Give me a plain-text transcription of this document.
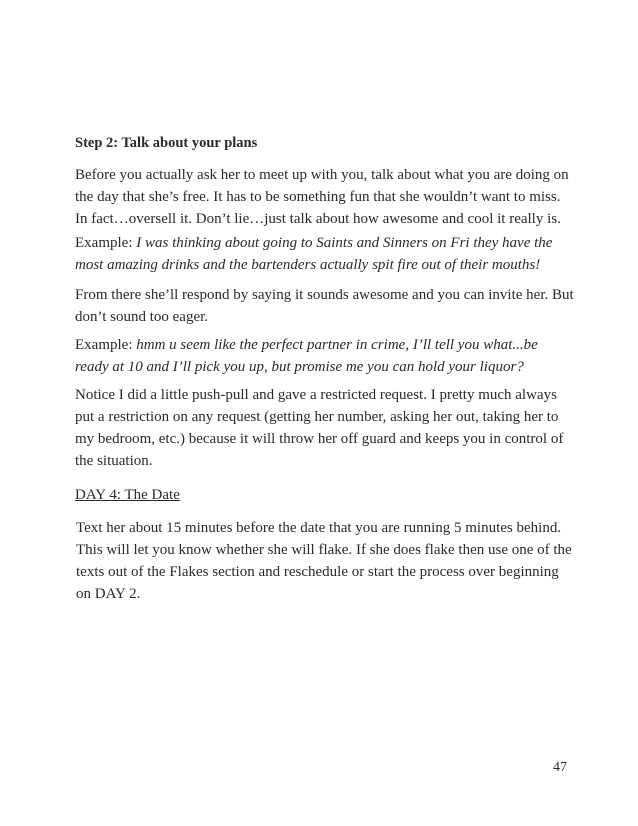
Step 2: Talk about your plans

Before you actually ask her to meet up with you, talk about what you are doing on the day that she’s free. It has to be something fun that she wouldn’t want to miss. In fact…oversell it. Don’t lie…just talk about how awesome and cool it really is.

Example: I was thinking about going to Saints and Sinners on Fri they have the most amazing drinks and the bartenders actually spit fire out of their mouths!

From there she’ll respond by saying it sounds awesome and you can invite her. But don’t sound too eager.

Example: hmm u seem like the perfect partner in crime, I’ll tell you what...be ready at 10 and I’ll pick you up, but promise me you can hold your liquor?

Notice I did a little push-pull and gave a restricted request. I pretty much always put a restriction on any request (getting her number, asking her out, taking her to my bedroom, etc.) because it will throw her off guard and keeps you in control of the situation.

DAY 4: The Date

Text her about 15 minutes before the date that you are running 5 minutes behind. This will let you know whether she will flake. If she does flake then use one of the texts out of the Flakes section and reschedule or start the process over beginning on DAY 2.

47
